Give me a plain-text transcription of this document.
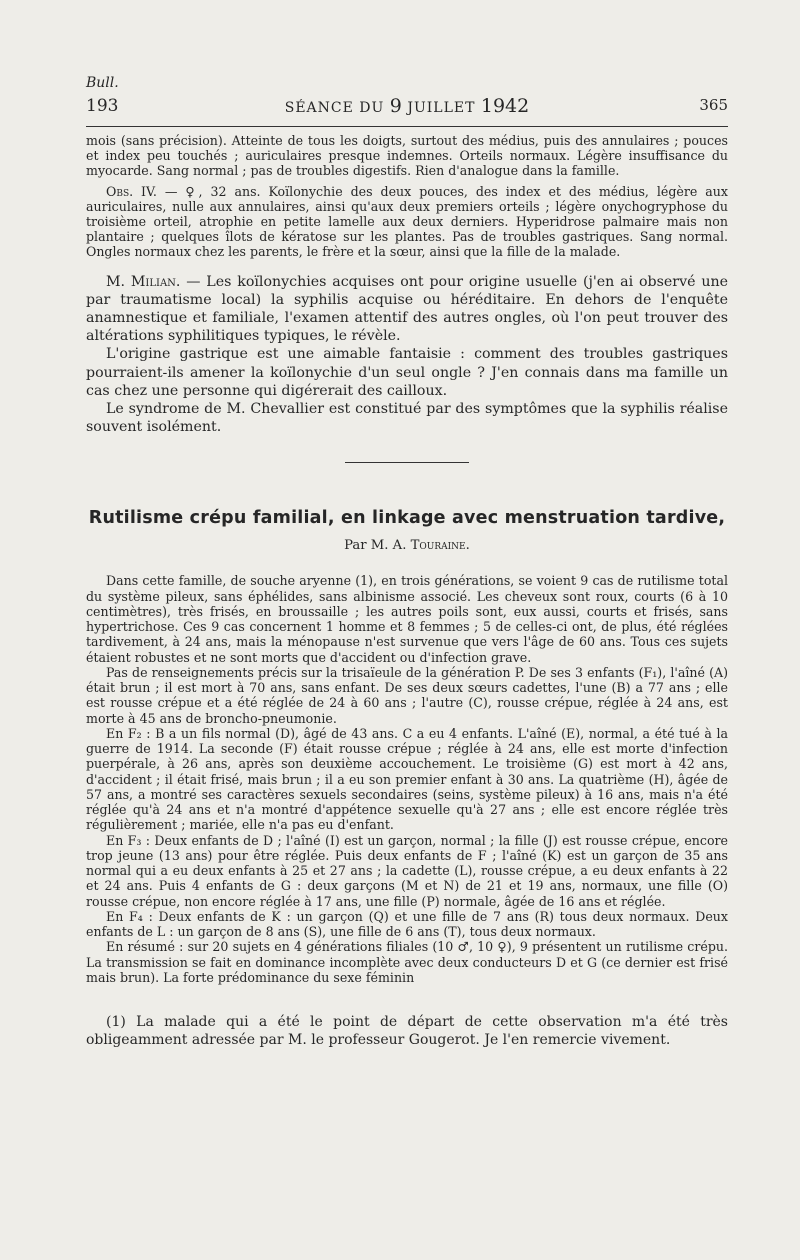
Bull.
193	SÉANCE DU 9 JUILLET 1942	365

mois (sans précision). Atteinte de tous les doigts, surtout des médius, puis des annulaires ; pouces et index peu touchés ; auriculaires presque indemnes. Orteils normaux. Légère insuffisance du myocarde. Sang normal ; pas de troubles digestifs. Rien d'analogue dans la famille.

Obs. IV. — ♀, 32 ans. Koïlonychie des deux pouces, des index et des médius, légère aux auriculaires, nulle aux annulaires, ainsi qu'aux deux premiers orteils ; légère onychogryphose du troisième orteil, atrophie en petite lamelle aux deux derniers. Hyperidrose palmaire mais non plantaire ; quelques îlots de kératose sur les plantes. Pas de troubles gastriques. Sang normal. Ongles normaux chez les parents, le frère et la sœur, ainsi que la fille de la malade.

M. Milian. — Les koïlonychies acquises ont pour origine usuelle (j'en ai observé une par traumatisme local) la syphilis acquise ou héréditaire. En dehors de l'enquête anamnestique et familiale, l'examen attentif des autres ongles, où l'on peut trouver des altérations syphilitiques typiques, le révèle.

L'origine gastrique est une aimable fantaisie : comment des troubles gastriques pourraient-ils amener la koïlonychie d'un seul ongle ? J'en connais dans ma famille un cas chez une personne qui digérerait des cailloux.

Le syndrome de M. Chevallier est constitué par des symptômes que la syphilis réalise souvent isolément.

Rutilisme crépu familial, en linkage avec menstruation tardive,
Par M. A. Touraine.

Dans cette famille, de souche aryenne (1), en trois générations, se voient 9 cas de rutilisme total du système pileux, sans éphélides, sans albinisme associé. Les cheveux sont roux, courts (6 à 10 centimètres), très frisés, en broussaille ; les autres poils sont, eux aussi, courts et frisés, sans hypertrichose. Ces 9 cas concernent 1 homme et 8 femmes ; 5 de celles-ci ont, de plus, été réglées tardivement, à 24 ans, mais la ménopause n'est survenue que vers l'âge de 60 ans. Tous ces sujets étaient robustes et ne sont morts que d'accident ou d'infection grave.

Pas de renseignements précis sur la trisaïeule de la génération P. De ses 3 enfants (F₁), l'aîné (A) était brun ; il est mort à 70 ans, sans enfant. De ses deux sœurs cadettes, l'une (B) a 77 ans ; elle est rousse crépue et a été réglée de 24 à 60 ans ; l'autre (C), rousse crépue, réglée à 24 ans, est morte à 45 ans de broncho-pneumonie.

En F₂ : B a un fils normal (D), âgé de 43 ans. C a eu 4 enfants. L'aîné (E), normal, a été tué à la guerre de 1914. La seconde (F) était rousse crépue ; réglée à 24 ans, elle est morte d'infection puerpérale, à 26 ans, après son deuxième accouchement. Le troisième (G) est mort à 42 ans, d'accident ; il était frisé, mais brun ; il a eu son premier enfant à 30 ans. La quatrième (H), âgée de 57 ans, a montré ses caractères sexuels secondaires (seins, système pileux) à 16 ans, mais n'a été réglée qu'à 24 ans et n'a montré d'appétence sexuelle qu'à 27 ans ; elle est encore réglée très régulièrement ; mariée, elle n'a pas eu d'enfant.

En F₃ : Deux enfants de D ; l'aîné (I) est un garçon, normal ; la fille (J) est rousse crépue, encore trop jeune (13 ans) pour être réglée. Puis deux enfants de F ; l'aîné (K) est un garçon de 35 ans normal qui a eu deux enfants à 25 et 27 ans ; la cadette (L), rousse crépue, a eu deux enfants à 22 et 24 ans. Puis 4 enfants de G : deux garçons (M et N) de 21 et 19 ans, normaux, une fille (O) rousse crépue, non encore réglée à 17 ans, une fille (P) normale, âgée de 16 ans et réglée.

En F₄ : Deux enfants de K : un garçon (Q) et une fille de 7 ans (R) tous deux normaux. Deux enfants de L : un garçon de 8 ans (S), une fille de 6 ans (T), tous deux normaux.

En résumé : sur 20 sujets en 4 générations filiales (10 ♂, 10 ♀), 9 présentent un rutilisme crépu. La transmission se fait en dominance incomplète avec deux conducteurs D et G (ce dernier est frisé mais brun). La forte prédominance du sexe féminin

(1) La malade qui a été le point de départ de cette observation m'a été très obligeamment adressée par M. le professeur Gougerot. Je l'en remercie vivement.
